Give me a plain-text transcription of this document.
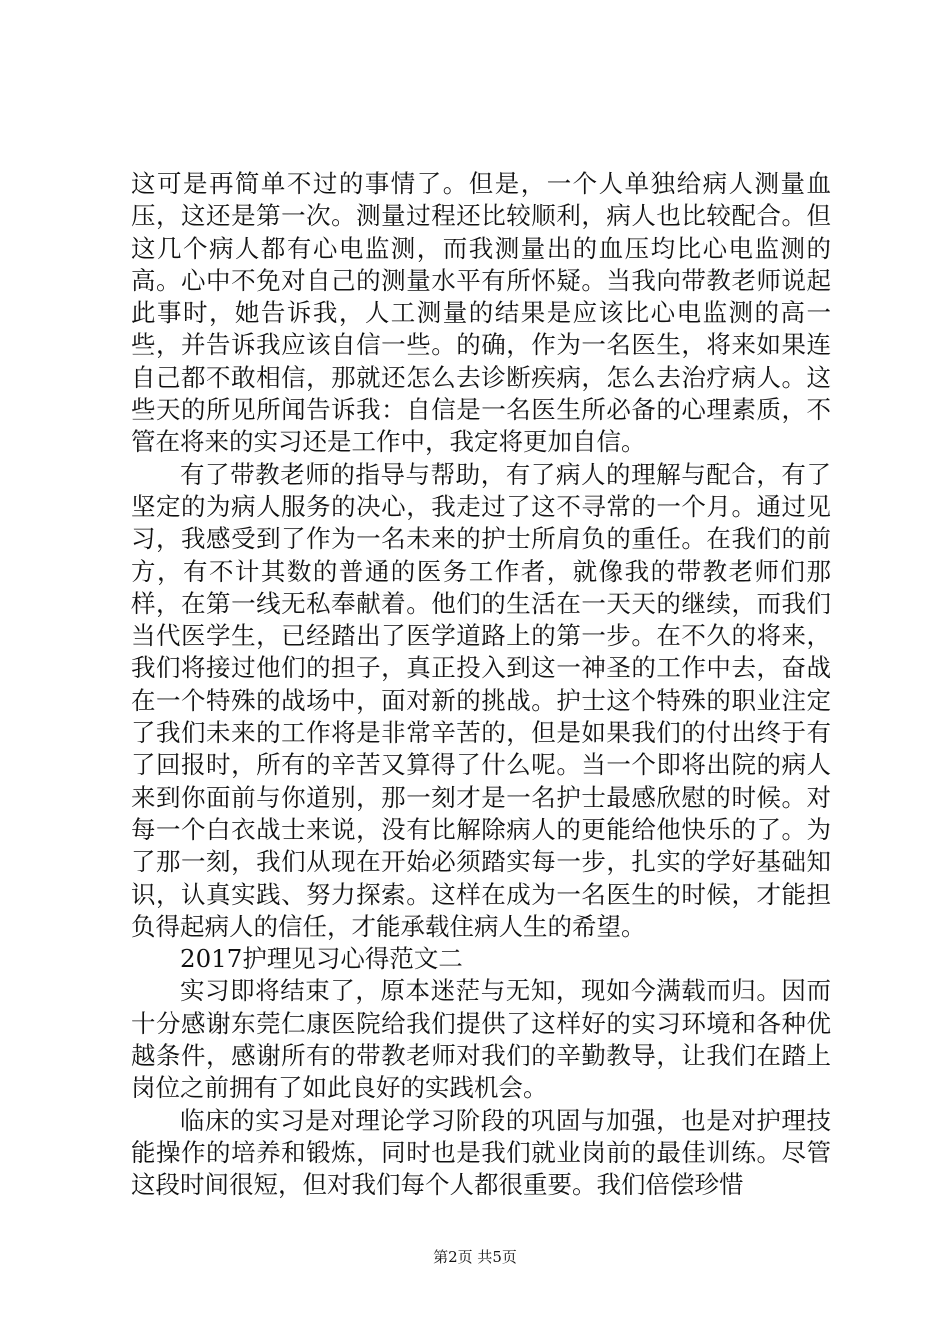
这可是再简单不过的事情了。但是，一个人单独给病人测量血压，这还是第一次。测量过程还比较顺利，病人也比较配合。但这几个病人都有心电监测，而我测量出的血压均比心电监测的高。心中不免对自己的测量水平有所怀疑。当我向带教老师说起此事时，她告诉我，人工测量的结果是应该比心电监测的高一些，并告诉我应该自信一些。的确，作为一名医生，将来如果连自己都不敢相信，那就还怎么去诊断疾病，怎么去治疗病人。这些天的所见所闻告诉我：自信是一名医生所必备的心理素质，不管在将来的实习还是工作中，我定将更加自信。

有了带教老师的指导与帮助，有了病人的理解与配合，有了坚定的为病人服务的决心，我走过了这不寻常的一个月。通过见习，我感受到了作为一名未来的护士所肩负的重任。在我们的前方，有不计其数的普通的医务工作者，就像我的带教老师们那样，在第一线无私奉献着。他们的生活在一天天的继续，而我们当代医学生，已经踏出了医学道路上的第一步。在不久的将来，我们将接过他们的担子，真正投入到这一神圣的工作中去，奋战在一个特殊的战场中，面对新的挑战。护士这个特殊的职业注定了我们未来的工作将是非常辛苦的，但是如果我们的付出终于有了回报时，所有的辛苦又算得了什么呢。当一个即将出院的病人来到你面前与你道别，那一刻才是一名护士最感欣慰的时候。对每一个白衣战士来说，没有比解除病人的更能给他快乐的了。为了那一刻，我们从现在开始必须踏实每一步，扎实的学好基础知识，认真实践、努力探索。这样在成为一名医生的时候，才能担负得起病人的信任，才能承载住病人生的希望。

2017护理见习心得范文二

实习即将结束了，原本迷茫与无知，现如今满载而归。因而十分感谢东莞仁康医院给我们提供了这样好的实习环境和各种优越条件，感谢所有的带教老师对我们的辛勤教导，让我们在踏上岗位之前拥有了如此良好的实践机会。

临床的实习是对理论学习阶段的巩固与加强，也是对护理技能操作的培养和锻炼，同时也是我们就业岗前的最佳训练。尽管这段时间很短，但对我们每个人都很重要。我们倍偿珍惜

第2页 共5页
